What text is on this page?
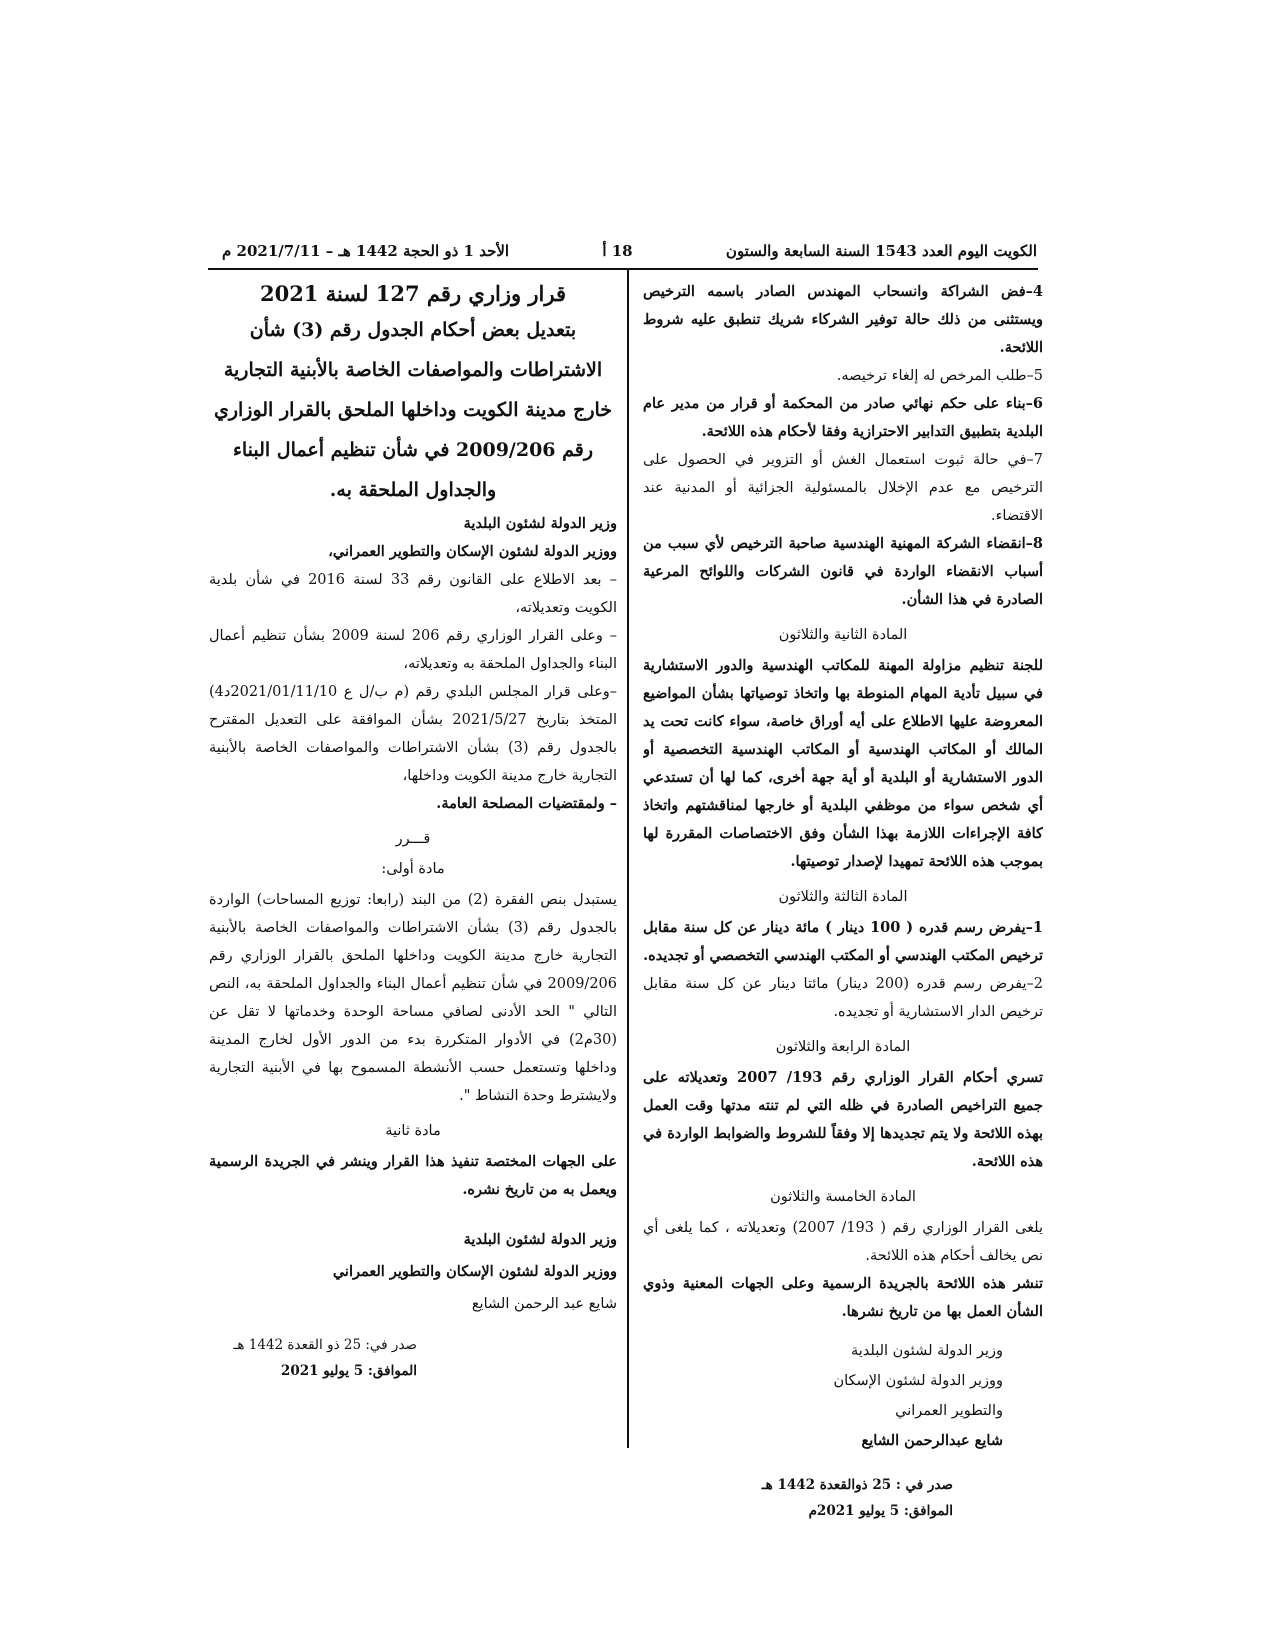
الكويت اليوم العدد 1543 السنة السابعة والستون
18 أ
الأحد 1 ذو الحجة 1442 هـ – 2021/7/11 م

4–فض الشراكة وانسحاب المهندس الصادر باسمه الترخيص ويستثنى من ذلك حالة توفير الشركاء شريك تنطبق عليه شروط اللائحة.

5–طلب المرخص له إلغاء ترخيصه.

6–بناء على حكم نهائي صادر من المحكمة أو قرار من مدير عام البلدية بتطبيق التدابير الاحترازية وفقا لأحكام هذه اللائحة.

7–في حالة ثبوت استعمال الغش أو التزوير في الحصول على الترخيص مع عدم الإخلال بالمسئولية الجزائية أو المدنية عند الاقتضاء.

8–انقضاء الشركة المهنية الهندسية صاحبة الترخيص لأي سبب من أسباب الانقضاء الواردة في قانون الشركات واللوائح المرعية الصادرة في هذا الشأن.

المادة الثانية والثلاثون

للجنة تنظيم مزاولة المهنة للمكاتب الهندسية والدور الاستشارية في سبيل تأدية المهام المنوطة بها واتخاذ توصياتها بشأن المواضيع المعروضة عليها الاطلاع على أيه أوراق خاصة، سواء كانت تحت يد المالك أو المكاتب الهندسية أو المكاتب الهندسية التخصصية أو الدور الاستشارية أو البلدية أو أية جهة أخرى، كما لها أن تستدعي أي شخص سواء من موظفي البلدية أو خارجها لمناقشتهم واتخاذ كافة الإجراءات اللازمة بهذا الشأن وفق الاختصاصات المقررة لها بموجب هذه اللائحة تمهيدا لإصدار توصيتها.

المادة الثالثة والثلاثون

1–يفرض رسم قدره ( 100 دينار ) مائة دينار عن كل سنة مقابل ترخيص المكتب الهندسي أو المكتب الهندسي التخصصي أو تجديده.

2–يفرض رسم قدره (200 دينار) مائتا دينار عن كل سنة مقابل ترخيص الدار الاستشارية أو تجديده.

المادة الرابعة والثلاثون

تسري أحكام القرار الوزاري رقم 193/ 2007 وتعديلاته على جميع التراخيص الصادرة في ظله التي لم تنته مدتها وقت العمل بهذه اللائحة ولا يتم تجديدها إلا وفقاً للشروط والضوابط الواردة في هذه اللائحة.

المادة الخامسة والثلاثون

يلغى القرار الوزاري رقم ( 193/ 2007) وتعديلاته ، كما يلغى أي نص يخالف أحكام هذه اللائحة.

تنشر هذه اللائحة بالجريدة الرسمية وعلى الجهات المعنية وذوي الشأن العمل بها من تاريخ نشرها.

وزير الدولة لشئون البلدية

ووزير الدولة لشئون الإسكان

والتطوير العمراني

شايع عبدالرحمن الشايع

صدر في : 25 ذوالقعدة 1442 هـ

الموافق: 5 يوليو 2021م

قرار وزاري رقم 127 لسنة 2021

بتعديل بعض أحكام الجدول رقم (3) شأن

الاشتراطات والمواصفات الخاصة بالأبنية التجارية

خارج مدينة الكويت وداخلها الملحق بالقرار الوزاري

رقم 2009/206 في شأن تنظيم أعمال البناء

والجداول الملحقة به.

وزير الدولة لشئون البلدية

ووزير الدولة لشئون الإسكان والتطوير العمراني،

– بعد الاطلاع على القانون رقم 33 لسنة 2016 في شأن بلدية الكويت وتعديلاته،

– وعلى القرار الوزاري رقم 206 لسنة 2009 بشأن تنظيم أعمال البناء والجداول الملحقة به وتعديلاته،

–وعلى قرار المجلس البلدي رقم (م ب/ل ع 2021/01/11/10د4) المتخذ بتاريخ 2021/5/27 بشأن الموافقة على التعديل المقترح بالجدول رقم (3) بشأن الاشتراطات والمواصفات الخاصة بالأبنية التجارية خارج مدينة الكويت وداخلها،

– ولمقتضيات المصلحة العامة.

قـــرر

مادة أولى:

يستبدل بنص الفقرة (2) من البند (رابعا: توزيع المساحات) الواردة بالجدول رقم (3) بشأن الاشتراطات والمواصفات الخاصة بالأبنية التجارية خارج مدينة الكويت وداخلها الملحق بالقرار الوزاري رقم 2009/206 في شأن تنظيم أعمال البناء والجداول الملحقة به، النص التالي " الحد الأدنى لصافي مساحة الوحدة وخدماتها لا تقل عن (30م2) في الأدوار المتكررة بدء من الدور الأول لخارج المدينة وداخلها وتستعمل حسب الأنشطة المسموح بها في الأبنية التجارية ولايشترط وحدة النشاط ".

مادة ثانية

على الجهات المختصة تنفيذ هذا القرار وينشر في الجريدة الرسمية ويعمل به من تاريخ نشره.

وزير الدولة لشئون البلدية

ووزير الدولة لشئون الإسكان والتطوير العمراني

شايع عبد الرحمن الشايع

صدر في: 25 ذو القعدة 1442 هـ

الموافق: 5 يوليو 2021
